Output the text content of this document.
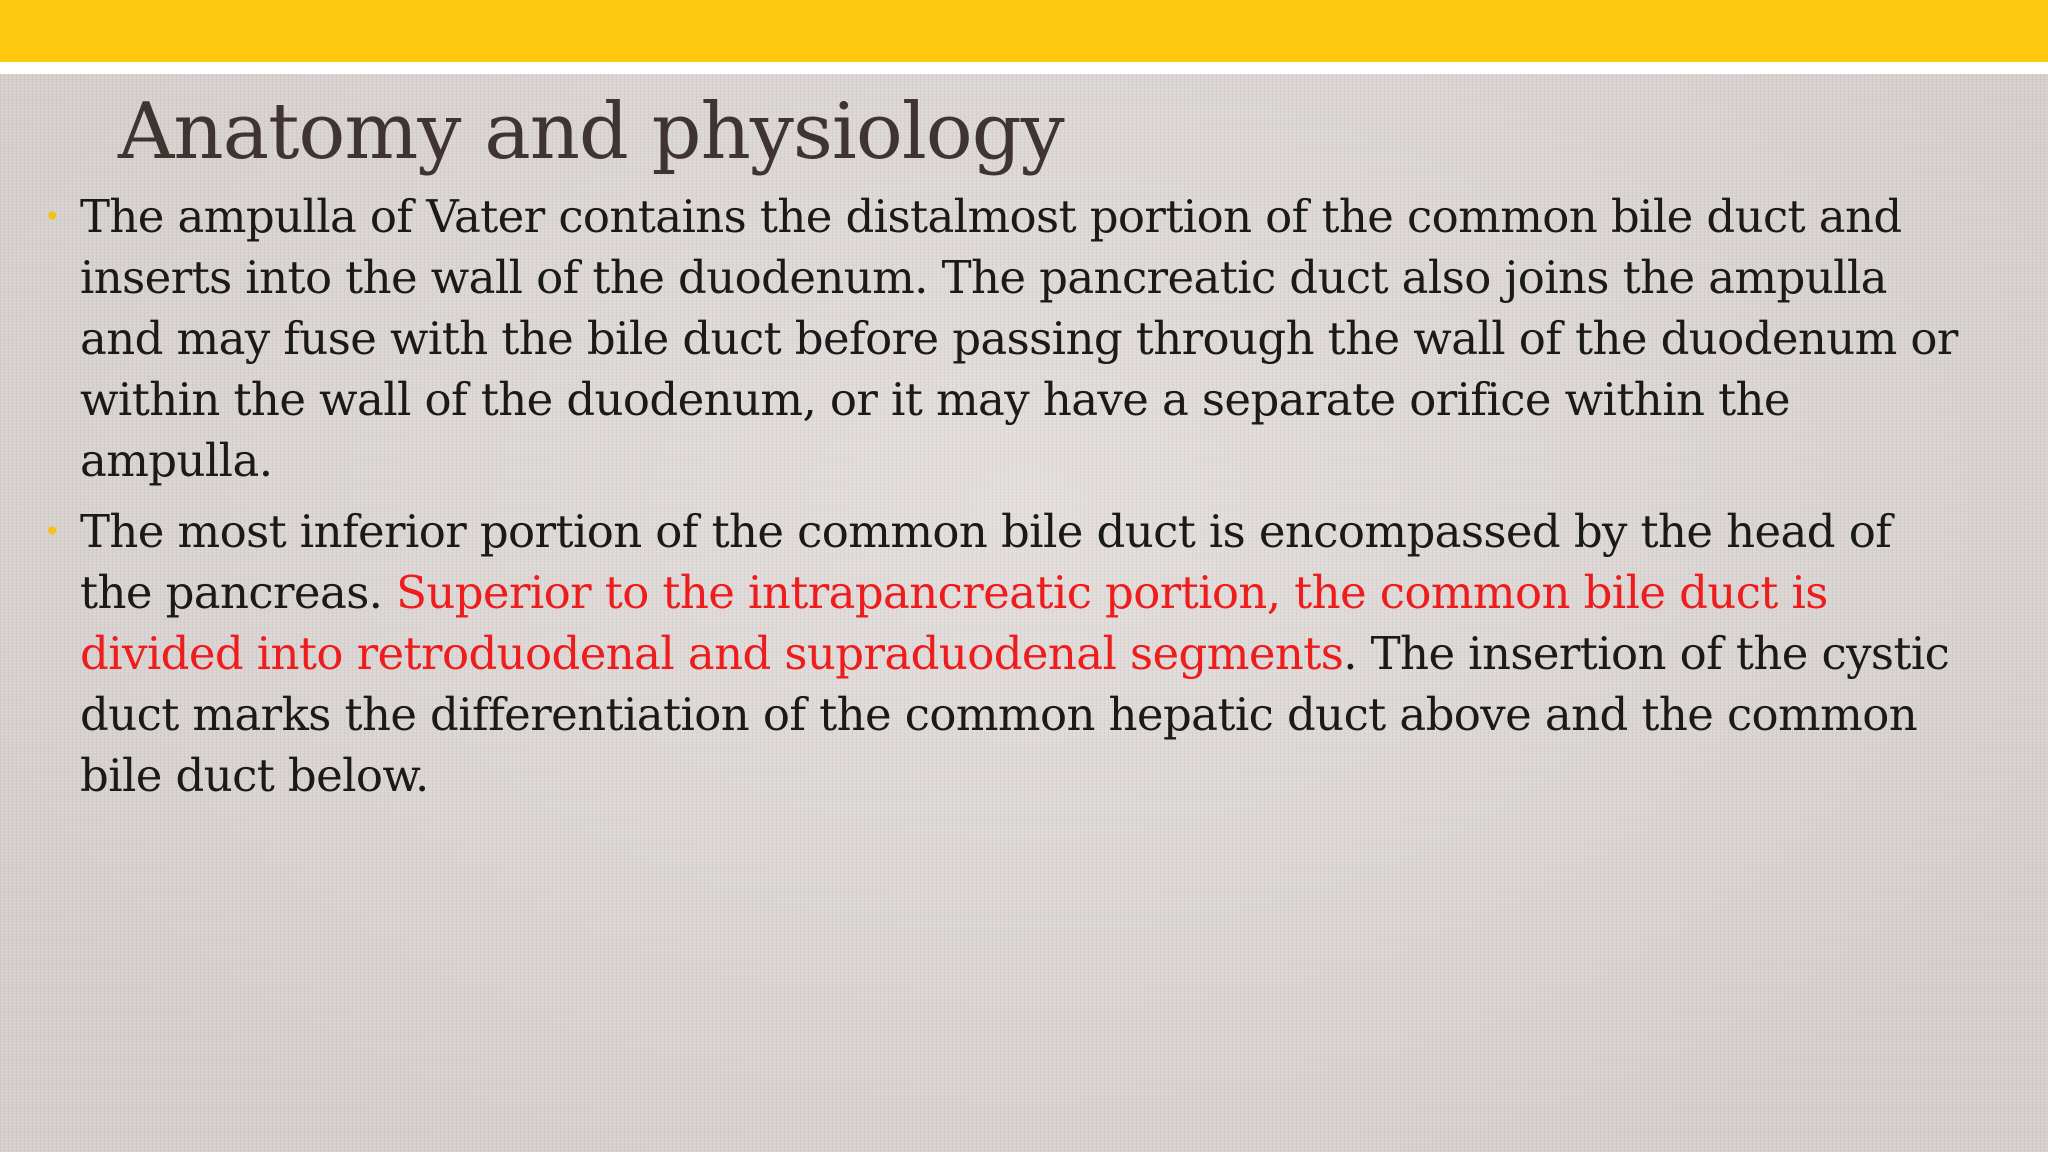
Anatomy and physiology
• The ampulla of Vater contains the distalmost portion of the common bile duct and inserts into the wall of the duodenum. The pancreatic duct also joins the ampulla and may fuse with the bile duct before passing through the wall of the duodenum or within the wall of the duodenum, or it may have a separate orifice within the ampulla.
• The most inferior portion of the common bile duct is encompassed by the head of the pancreas. Superior to the intrapancreatic portion, the common bile duct is divided into retroduodenal and supraduodenal segments. The insertion of the cystic duct marks the differentiation of the common hepatic duct above and the common bile duct below.
